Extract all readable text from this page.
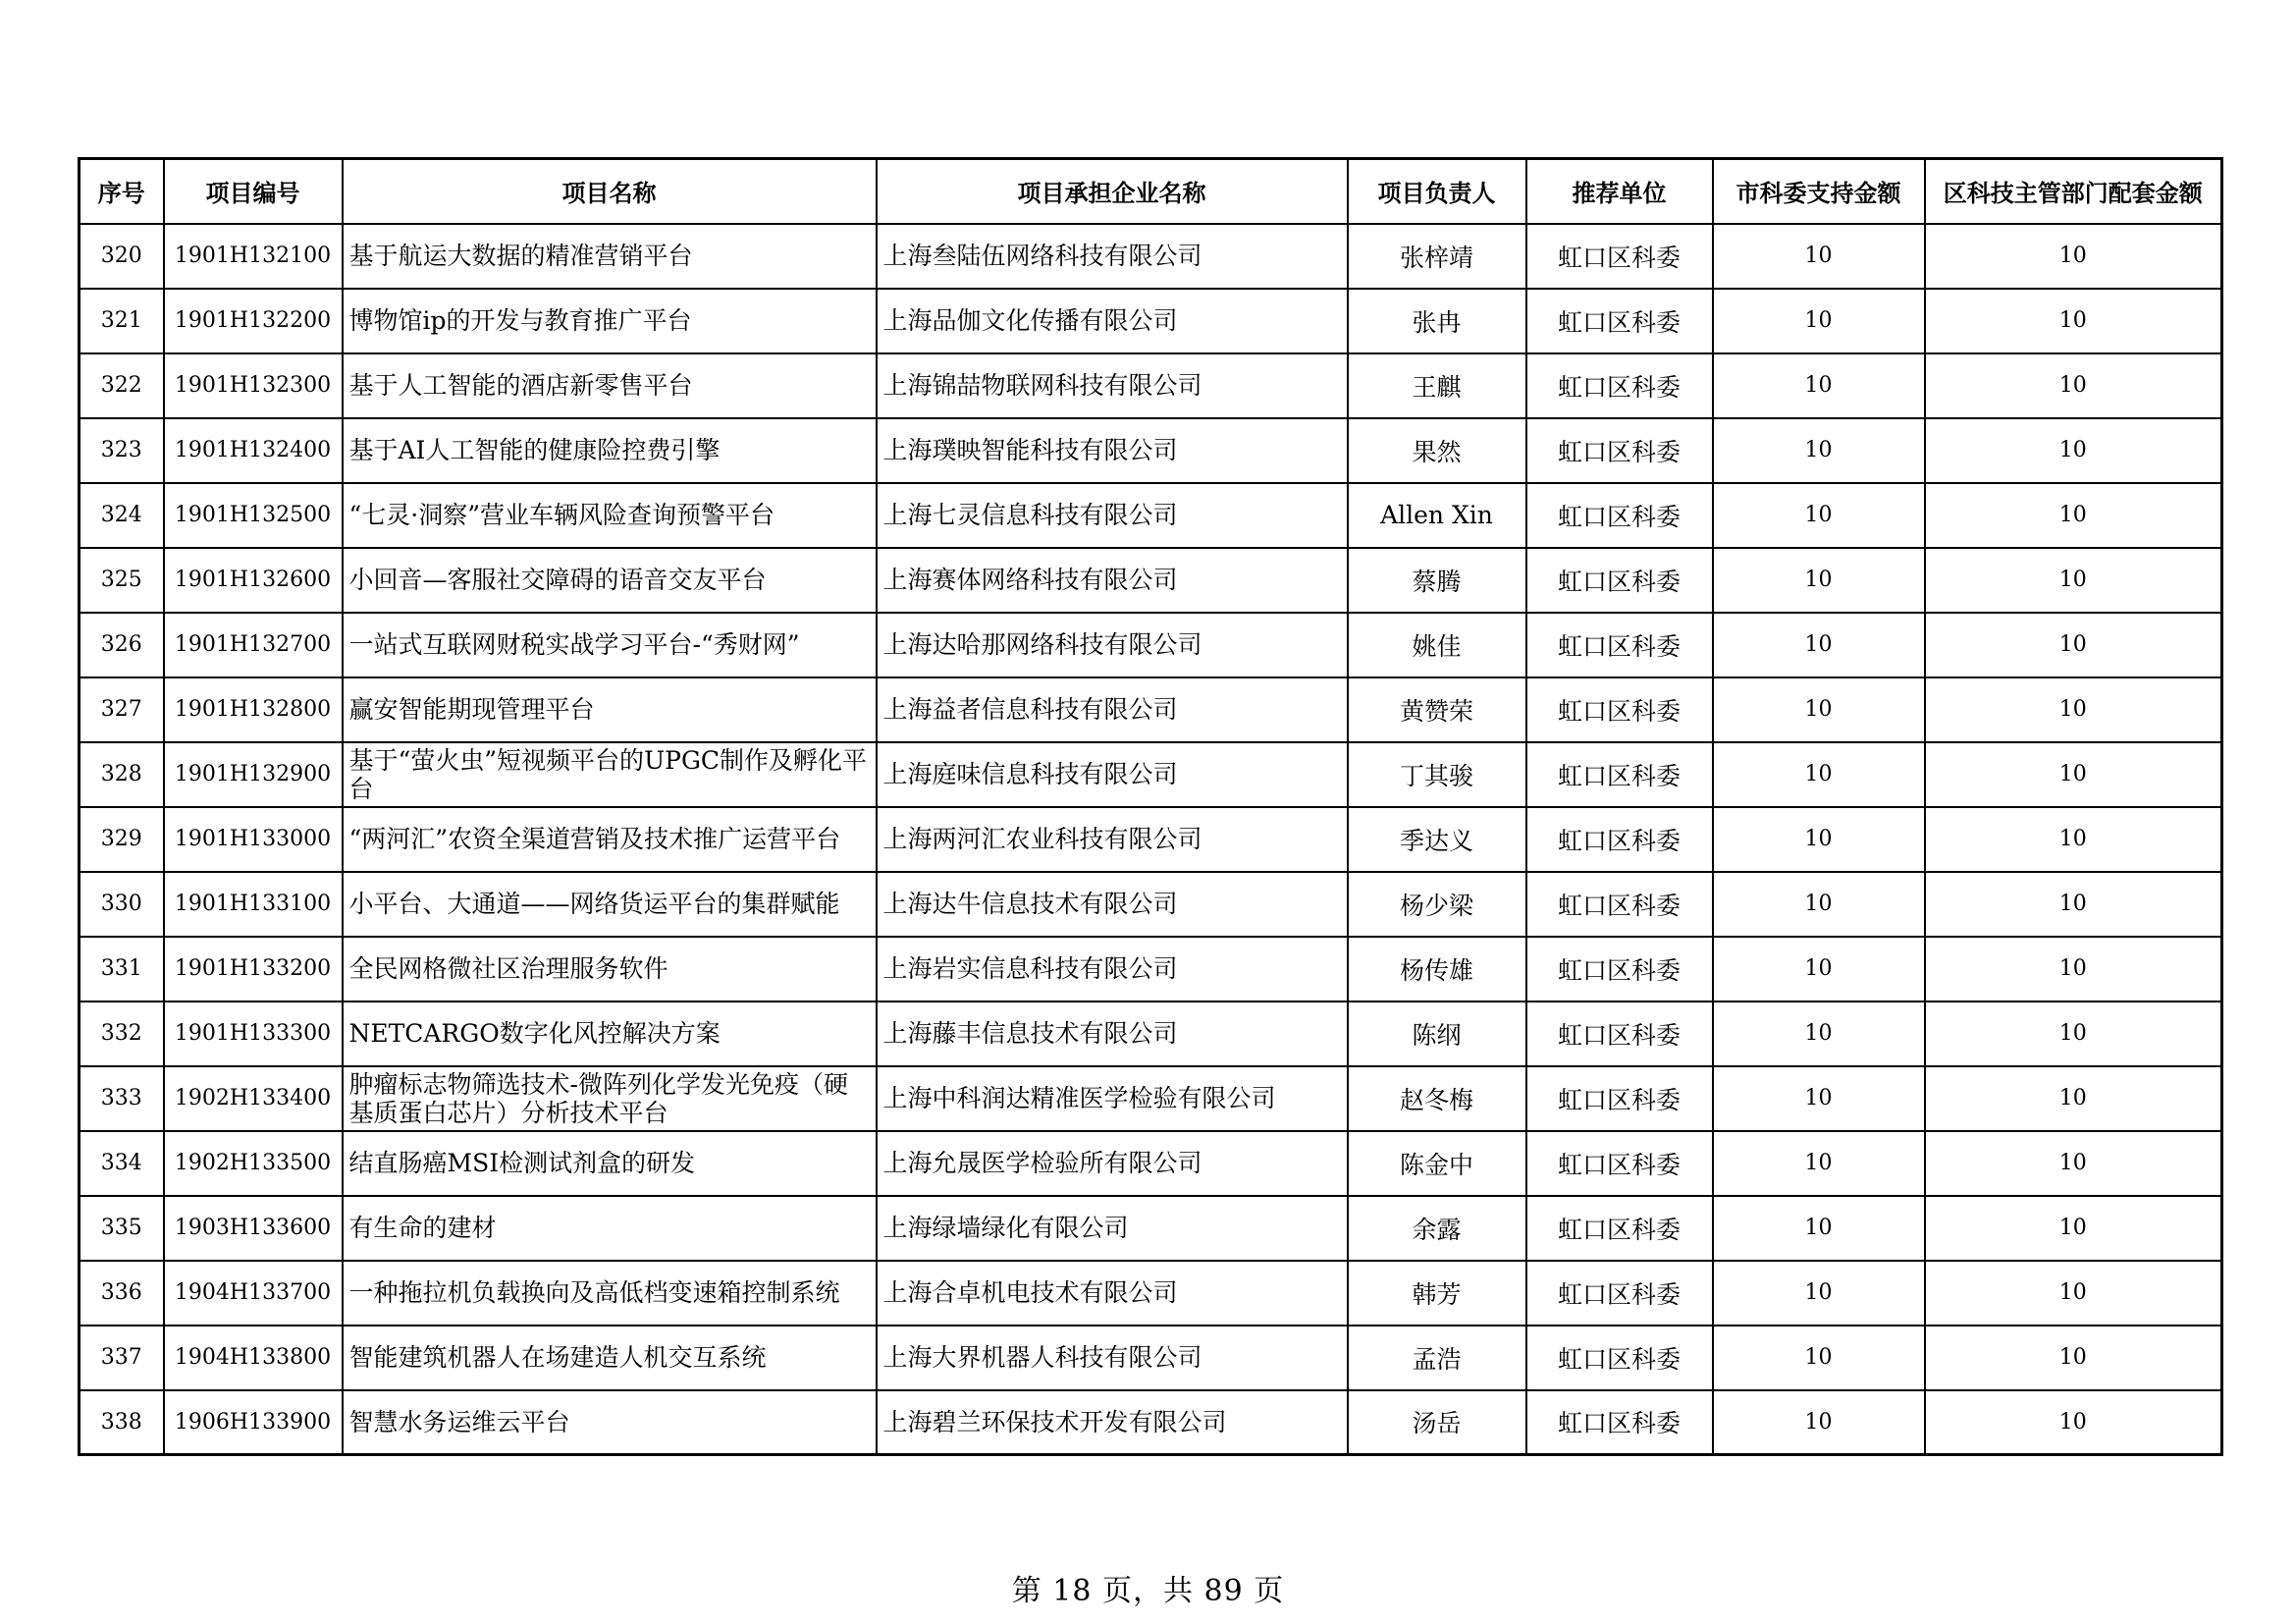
序号	项目编号	项目名称	项目承担企业名称	项目负责人	推荐单位	市科委支持金额	区科技主管部门配套金额
320	1901H132100	基于航运大数据的精准营销平台	上海叁陆伍网络科技有限公司	张梓靖	虹口区科委	10	10
321	1901H132200	博物馆ip的开发与教育推广平台	上海品伽文化传播有限公司	张冉	虹口区科委	10	10
322	1901H132300	基于人工智能的酒店新零售平台	上海锦喆物联网科技有限公司	王麒	虹口区科委	10	10
323	1901H132400	基于AI人工智能的健康险控费引擎	上海璞映智能科技有限公司	果然	虹口区科委	10	10
324	1901H132500	“七灵·洞察”营业车辆风险查询预警平台	上海七灵信息科技有限公司	Allen Xin	虹口区科委	10	10
325	1901H132600	小回音—客服社交障碍的语音交友平台	上海赛体网络科技有限公司	蔡腾	虹口区科委	10	10
326	1901H132700	一站式互联网财税实战学习平台-“秀财网”	上海达哈那网络科技有限公司	姚佳	虹口区科委	10	10
327	1901H132800	赢安智能期现管理平台	上海益者信息科技有限公司	黄赞荣	虹口区科委	10	10
328	1901H132900	基于“萤火虫”短视频平台的UPGC制作及孵化平台	上海庭味信息科技有限公司	丁其骏	虹口区科委	10	10
329	1901H133000	“两河汇”农资全渠道营销及技术推广运营平台	上海两河汇农业科技有限公司	季达义	虹口区科委	10	10
330	1901H133100	小平台、大通道——网络货运平台的集群赋能	上海达牛信息技术有限公司	杨少梁	虹口区科委	10	10
331	1901H133200	全民网格微社区治理服务软件	上海岩实信息科技有限公司	杨传雄	虹口区科委	10	10
332	1901H133300	NETCARGO数字化风控解决方案	上海藤丰信息技术有限公司	陈纲	虹口区科委	10	10
333	1902H133400	肿瘤标志物筛选技术-微阵列化学发光免疫（硬基质蛋白芯片）分析技术平台	上海中科润达精准医学检验有限公司	赵冬梅	虹口区科委	10	10
334	1902H133500	结直肠癌MSI检测试剂盒的研发	上海允晟医学检验所有限公司	陈金中	虹口区科委	10	10
335	1903H133600	有生命的建材	上海绿墙绿化有限公司	余露	虹口区科委	10	10
336	1904H133700	一种拖拉机负载换向及高低档变速箱控制系统	上海合卓机电技术有限公司	韩芳	虹口区科委	10	10
337	1904H133800	智能建筑机器人在场建造人机交互系统	上海大界机器人科技有限公司	孟浩	虹口区科委	10	10
338	1906H133900	智慧水务运维云平台	上海碧兰环保技术开发有限公司	汤岳	虹口区科委	10	10
第 18 页，共 89 页
